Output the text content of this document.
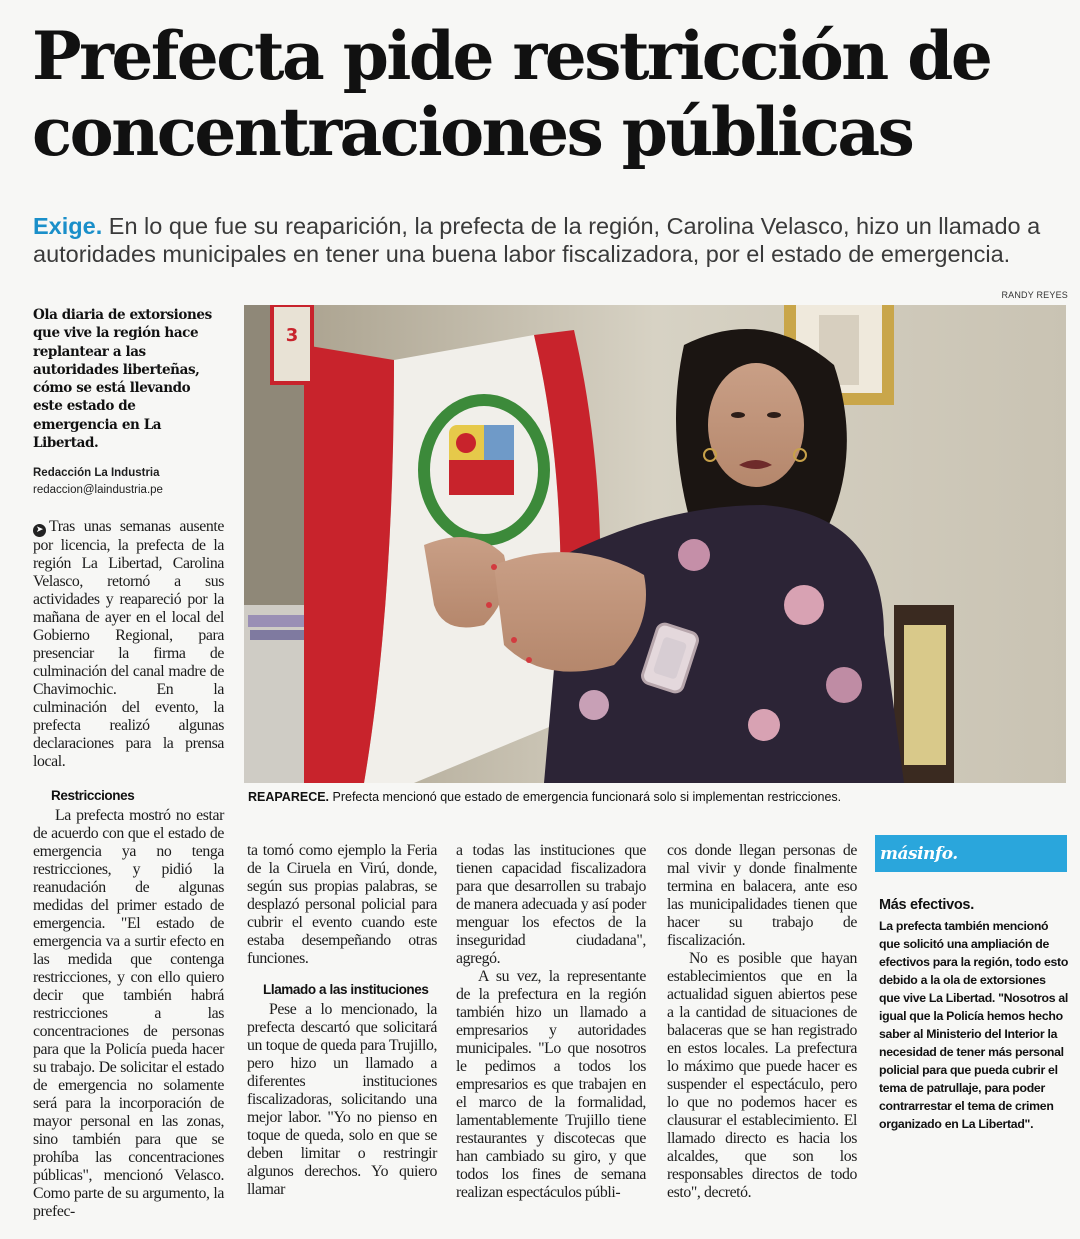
Prefecta pide restricción de
concentraciones públicas
Exige. En lo que fue su reaparición, la prefecta de la región, Carolina Velasco, hizo un llamado a autoridades municipales en tener una buena labor fiscalizadora, por el estado de emergencia.
RANDY REYES
3
REAPARECE. Prefecta mencionó que estado de emergencia funcionará solo si implementan restricciones.
Ola diaria de extorsiones que vive la región hace replantear a las autoridades liberteñas, cómo se está llevando este estado de emergencia en La Libertad.
Redacción La Industria
redaccion@laindustria.pe

➤ Tras unas semanas ausente por licencia, la prefecta de la región La Libertad, Carolina Velasco, retornó a sus actividades y reapareció por la mañana de ayer en el local del Gobierno Regional, para presenciar la firma de culminación del canal madre de Chavimochic. En la culminación del evento, la prefecta realizó algunas declaraciones para la prensa local.

Restricciones

La prefecta mostró no estar de acuerdo con que el estado de emergencia ya no tenga restricciones, y pidió la reanudación de algunas medidas del primer estado de emergencia. "El estado de emergencia va a surtir efecto en las medida que contenga restricciones, y con ello quiero decir que también habrá restricciones a las concentraciones de personas para que la Policía pueda hacer su trabajo. De solicitar el estado de emergencia no solamente será para la incorporación de mayor personal en las zonas, sino también para que se prohíba las concentraciones públicas", mencionó Velasco. Como parte de su argumento, la prefec-

ta tomó como ejemplo la Feria de la Ciruela en Virú, donde, según sus propias palabras, se desplazó personal policial para cubrir el evento cuando este estaba desempeñando otras funciones.

Llamado a las instituciones

Pese a lo mencionado, la prefecta descartó que solicitará un toque de queda para Trujillo, pero hizo un llamado a diferentes instituciones fiscalizadoras, solicitando una mejor labor. "Yo no pienso en toque de queda, solo en que se deben limitar o restringir algunos derechos. Yo quiero llamar

a todas las instituciones que tienen capacidad fiscalizadora para que desarrollen su trabajo de manera adecuada y así poder menguar los efectos de la inseguridad ciudadana", agregó.

A su vez, la representante de la prefectura en la región también hizo un llamado a empresarios y autoridades municipales. "Lo que nosotros le pedimos a todos los empresarios es que trabajen en el marco de la formalidad, lamentablemente Trujillo tiene restaurantes y discotecas que han cambiado su giro, y que todos los fines de semana realizan espectáculos públi-

cos donde llegan personas de mal vivir y donde finalmente termina en balacera, ante eso las municipalidades tienen que hacer su trabajo de fiscalización.

No es posible que hayan establecimientos que en la actualidad siguen abiertos pese a la cantidad de situaciones de balaceras que se han registrado en estos locales. La prefectura lo máximo que puede hacer es suspender el espectáculo, pero lo que no podemos hacer es clausurar el establecimiento. El llamado directo es hacia los alcaldes, que son los responsables directos de todo esto", decretó.

másinfo.
Más efectivos.
La prefecta también mencionó que solicitó una ampliación de efectivos para la región, todo esto debido a la ola de extorsiones que vive La Libertad. "Nosotros al igual que la Policía hemos hecho saber al Ministerio del Interior la necesidad de tener más personal policial para que pueda cubrir el tema de patrullaje, para poder contrarrestar el tema de crimen organizado en La Libertad".
